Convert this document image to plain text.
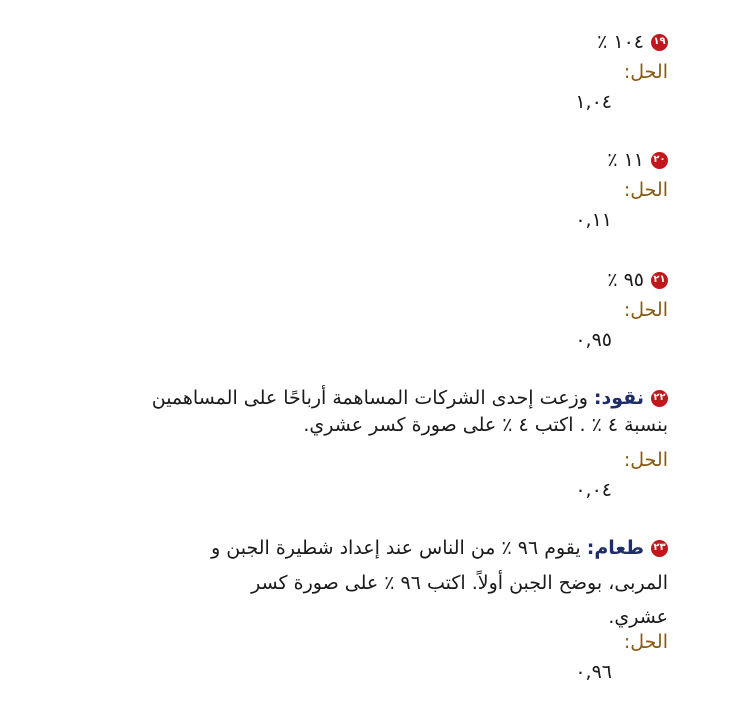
١٩
١٠٤ ٪
الحل:
١,٠٤
٢٠
١١ ٪
الحل:
٠,١١
٢١
٩٥ ٪
الحل:
٠,٩٥
٢٢
نقود:
وزعت إحدى الشركات المساهمة أرباحًا على المساهمين
بنسبة ٤ ٪ . اكتب ٤ ٪ على صورة كسر عشري.
الحل:
٠,٠٤
٢٣
طعام:
يقوم ٩٦ ٪ من الناس عند إعداد شطيرة الجبن و
المربى، بوضح الجبن أولاً. اكتب ٩٦ ٪ على صورة كسر
عشري.
الحل:
٠,٩٦
